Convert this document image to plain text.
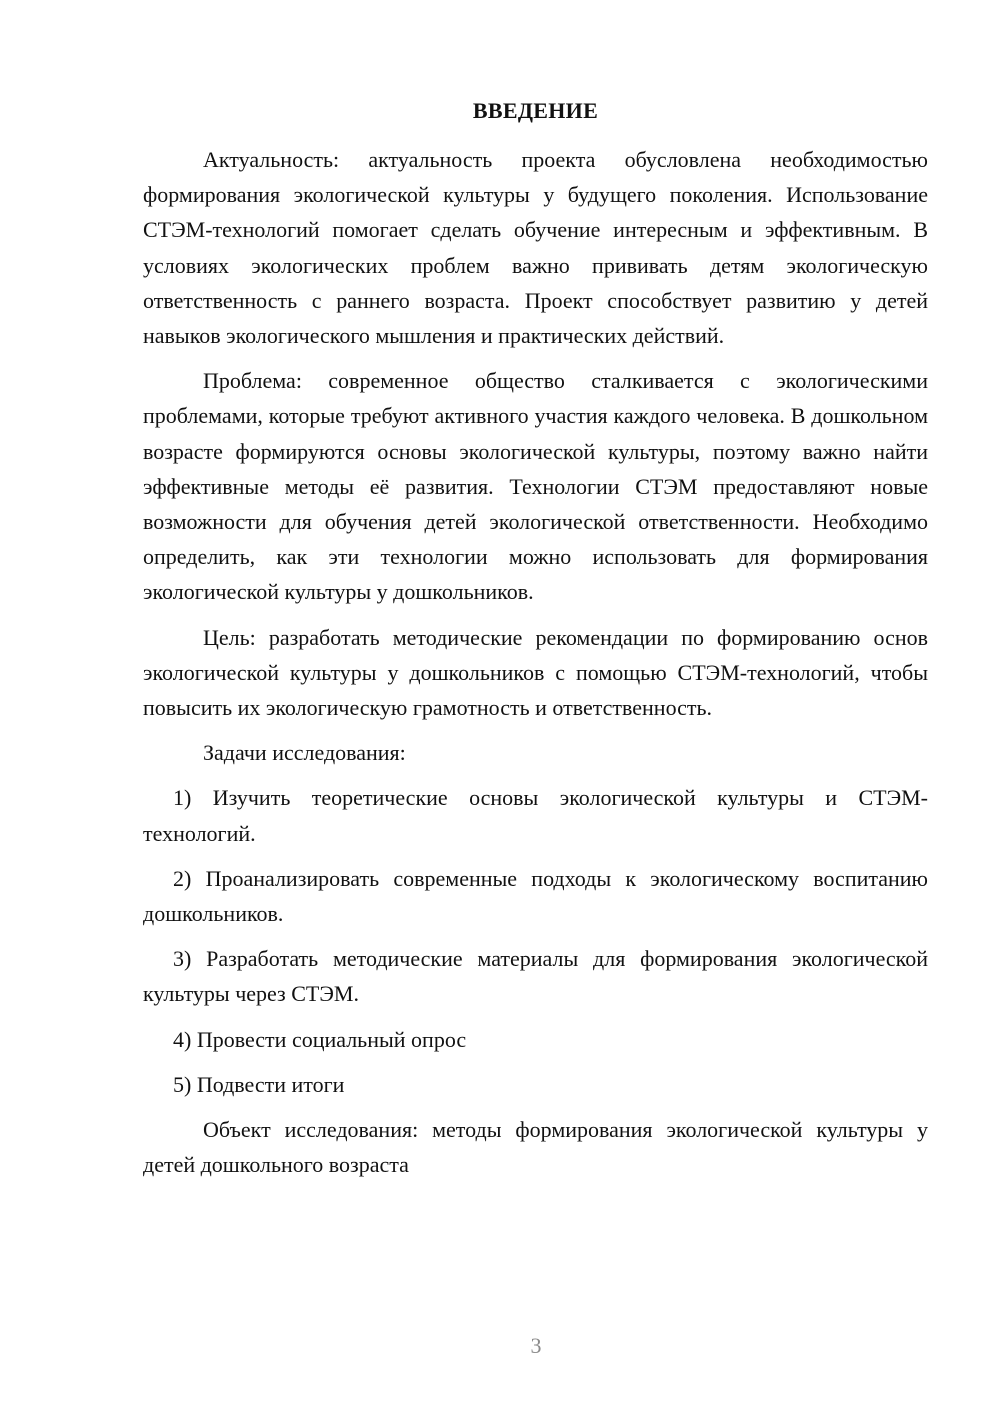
ВВЕДЕНИЕ

Актуальность: актуальность проекта обусловлена необходимостью формирования экологической культуры у будущего поколения. Использование СТЭМ-технологий помогает сделать обучение интересным и эффективным. В условиях экологических проблем важно прививать детям экологическую ответственность с раннего возраста. Проект способствует развитию у детей навыков экологического мышления и практических действий.

Проблема: современное общество сталкивается с экологическими проблемами, которые требуют активного участия каждого человека. В дошкольном возрасте формируются основы экологической культуры, поэтому важно найти эффективные методы её развития. Технологии СТЭМ предоставляют новые возможности для обучения детей экологической ответственности. Необходимо определить, как эти технологии можно использовать для формирования экологической культуры у дошкольников.

Цель: разработать методические рекомендации по формированию основ экологической культуры у дошкольников с помощью СТЭМ-технологий, чтобы повысить их экологическую грамотность и ответственность.

Задачи исследования:

1) Изучить теоретические основы экологической культуры и СТЭМ-технологий.

2) Проанализировать современные подходы к экологическому воспитанию дошкольников.

3) Разработать методические материалы для формирования экологической культуры через СТЭМ.

4) Провести социальный опрос

5) Подвести итоги

Объект исследования: методы формирования экологической культуры у детей дошкольного возраста

3
